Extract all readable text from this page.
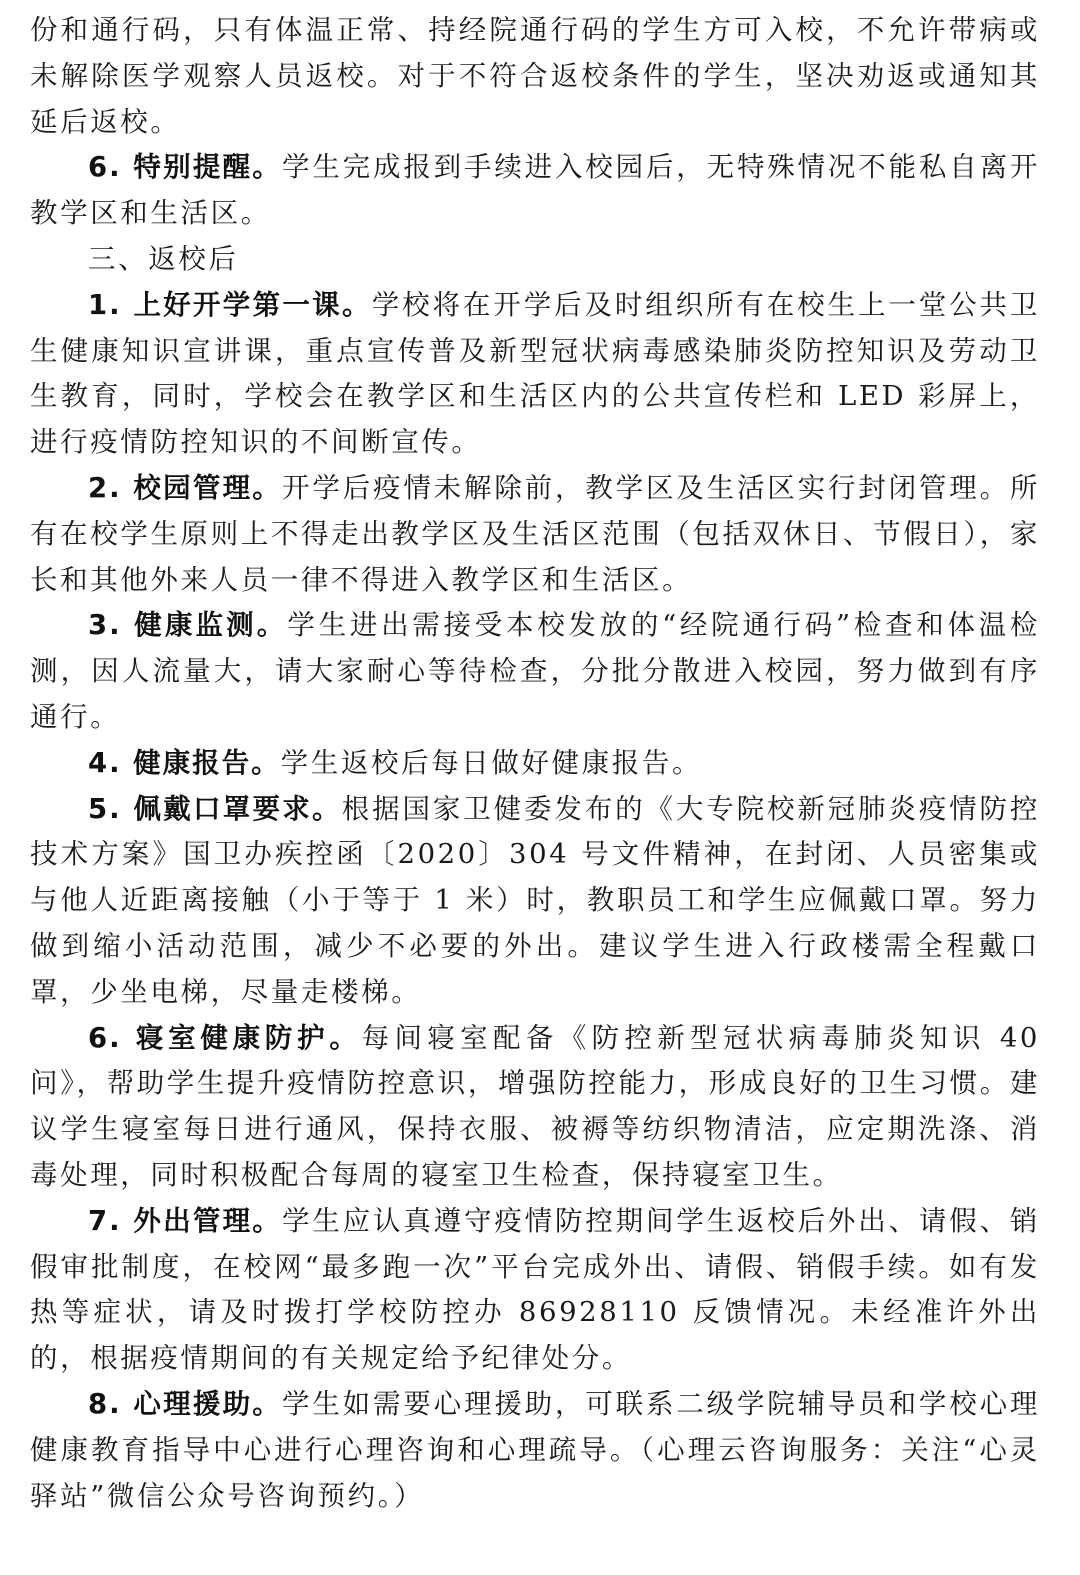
份和通行码，只有体温正常、持经院通行码的学生方可入校，不允许带病或未解除医学观察人员返校。对于不符合返校条件的学生，坚决劝返或通知其延后返校。

6. 特别提醒。学生完成报到手续进入校园后，无特殊情况不能私自离开教学区和生活区。

三、返校后

1. 上好开学第一课。学校将在开学后及时组织所有在校生上一堂公共卫生健康知识宣讲课，重点宣传普及新型冠状病毒感染肺炎防控知识及劳动卫生教育，同时，学校会在教学区和生活区内的公共宣传栏和 LED 彩屏上，进行疫情防控知识的不间断宣传。

2. 校园管理。开学后疫情未解除前，教学区及生活区实行封闭管理。所有在校学生原则上不得走出教学区及生活区范围（包括双休日、节假日），家长和其他外来人员一律不得进入教学区和生活区。

3. 健康监测。学生进出需接受本校发放的“经院通行码”检查和体温检测，因人流量大，请大家耐心等待检查，分批分散进入校园，努力做到有序通行。

4. 健康报告。学生返校后每日做好健康报告。

5. 佩戴口罩要求。根据国家卫健委发布的《大专院校新冠肺炎疫情防控技术方案》国卫办疾控函〔2020〕304 号文件精神，在封闭、人员密集或与他人近距离接触（小于等于 1 米）时，教职员工和学生应佩戴口罩。努力做到缩小活动范围，减少不必要的外出。建议学生进入行政楼需全程戴口罩，少坐电梯，尽量走楼梯。

6. 寝室健康防护。每间寝室配备《防控新型冠状病毒肺炎知识 40 问》，帮助学生提升疫情防控意识，增强防控能力，形成良好的卫生习惯。建议学生寝室每日进行通风，保持衣服、被褥等纺织物清洁，应定期洗涤、消毒处理，同时积极配合每周的寝室卫生检查，保持寝室卫生。

7. 外出管理。学生应认真遵守疫情防控期间学生返校后外出、请假、销假审批制度，在校网“最多跑一次”平台完成外出、请假、销假手续。如有发热等症状，请及时拨打学校防控办 86928110 反馈情况。未经准许外出的，根据疫情期间的有关规定给予纪律处分。

8. 心理援助。学生如需要心理援助，可联系二级学院辅导员和学校心理健康教育指导中心进行心理咨询和心理疏导。（心理云咨询服务：关注“心灵驿站”微信公众号咨询预约。）
